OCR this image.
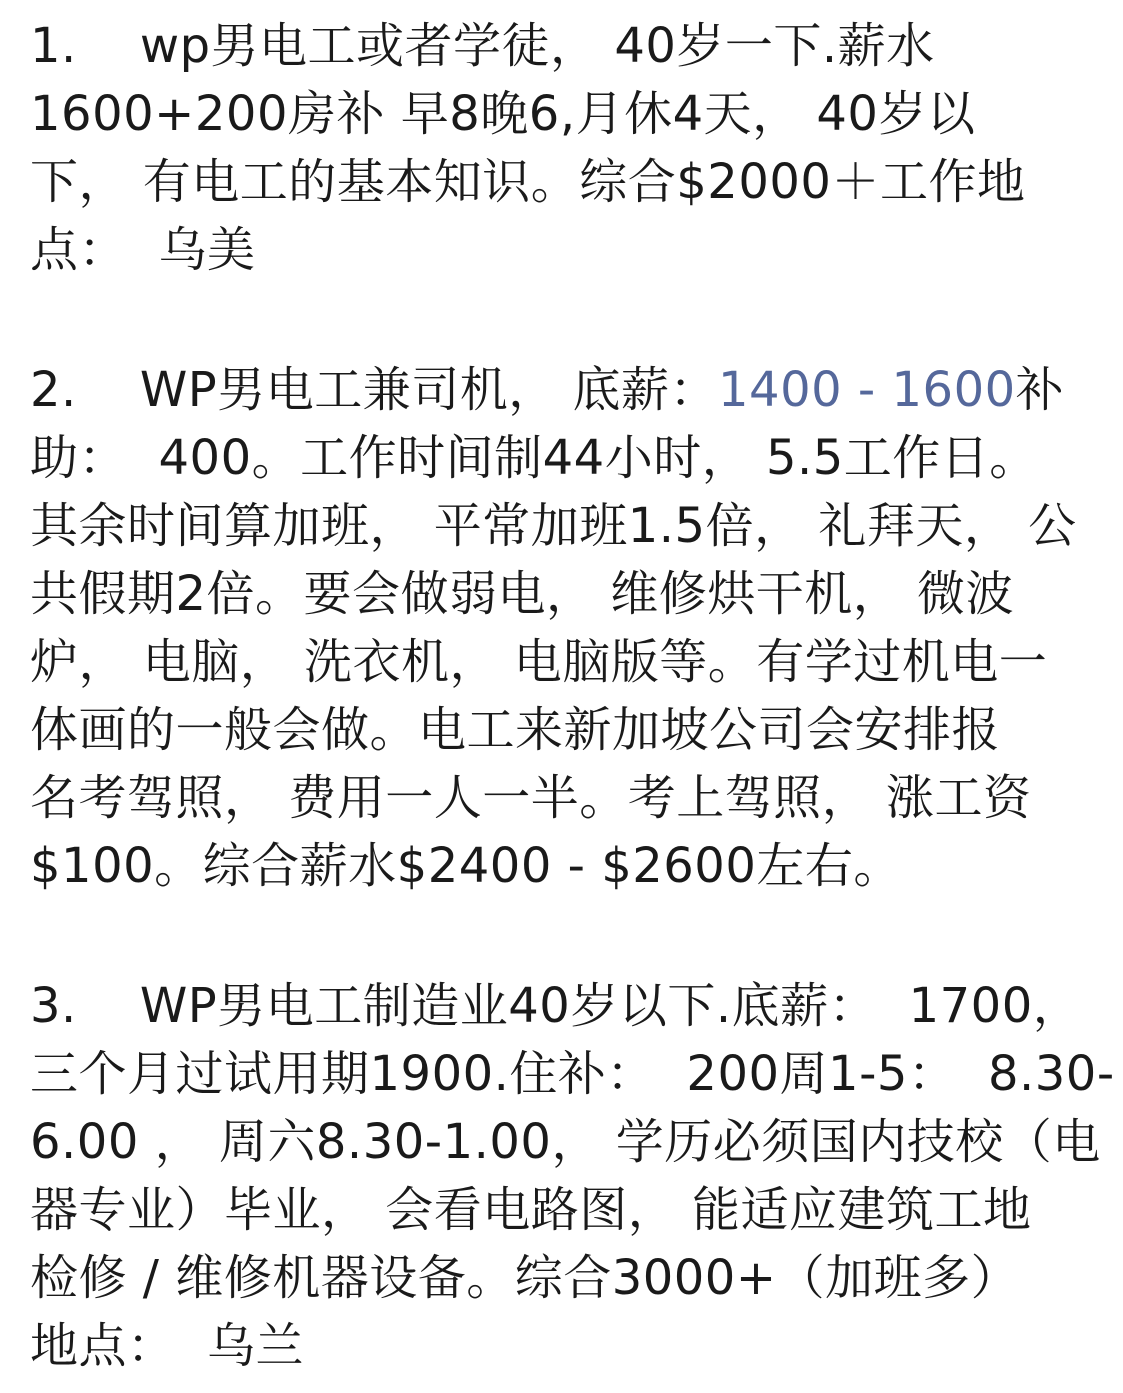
1.    wp男电工或者学徒， 40岁一下.薪水
1600+200房补 早8晚6,月休4天， 40岁以
下， 有电工的基本知识。综合$2000＋工作地
点：  乌美
2.    WP男电工兼司机， 底薪：1400 - 1600补
助：  400。工作时间制44小时， 5.5工作日。
其余时间算加班， 平常加班1.5倍， 礼拜天， 公
共假期2倍。要会做弱电， 维修烘干机， 微波
炉， 电脑， 洗衣机， 电脑版等。有学过机电一
体画的一般会做。电工来新加坡公司会安排报
名考驾照， 费用一人一半。考上驾照， 涨工资
$100。综合薪水$2400 - $2600左右。
3.    WP男电工制造业40岁以下.底薪：  1700，
三个月过试用期1900.住补：  200周1-5：  8.30-
6.00 ， 周六8.30-1.00， 学历必须国内技校（电
器专业）毕业， 会看电路图， 能适应建筑工地
检修 / 维修机器设备。综合3000+（加班多）
地点：  乌兰
